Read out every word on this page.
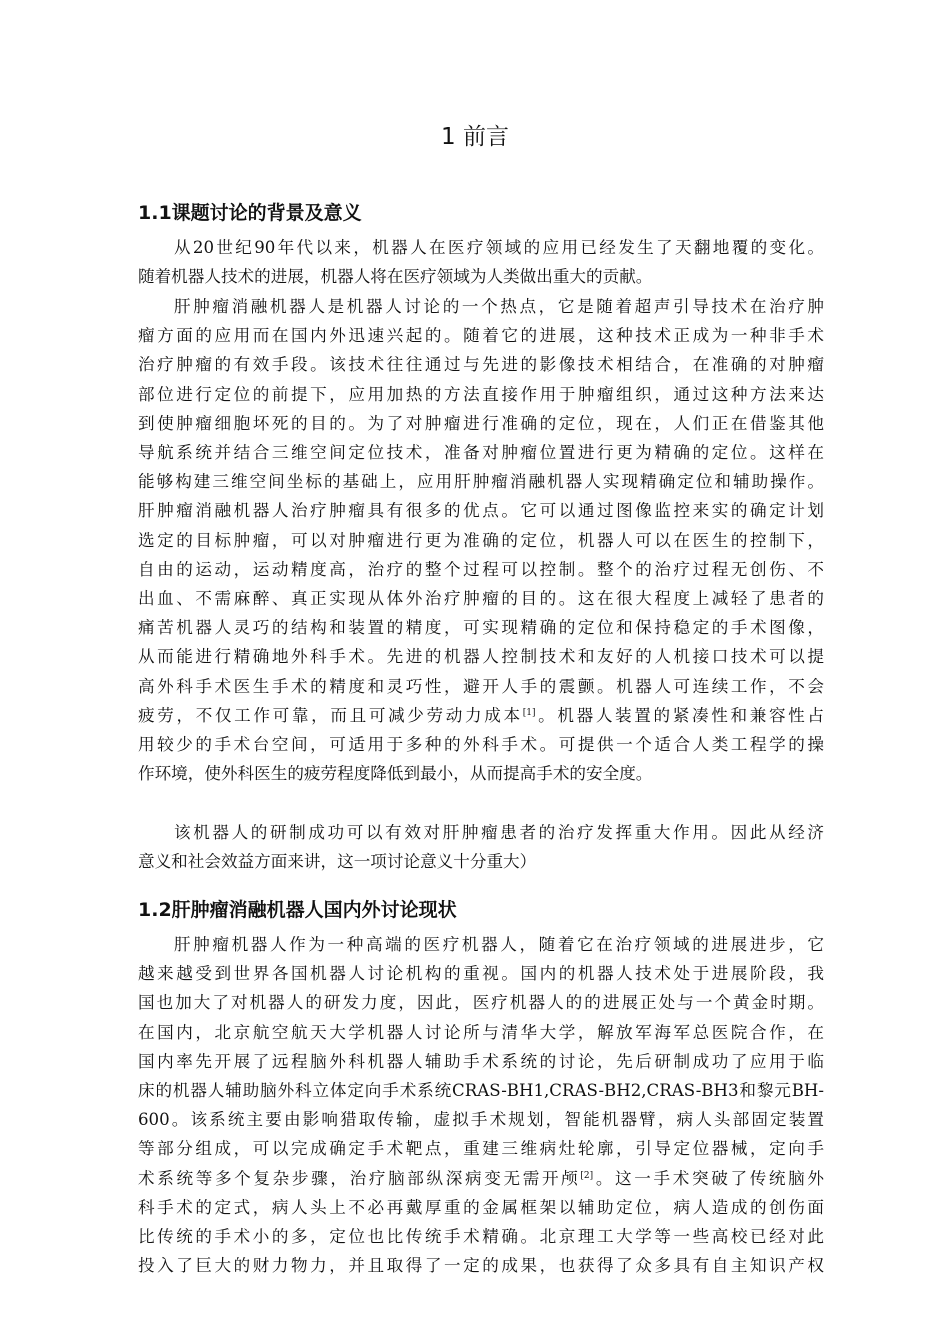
1 前言
1.1课题讨论的背景及意义

从20世纪90年代以来，机器人在医疗领域的应用已经发生了天翻地覆的变化。
随着机器人技术的进展，机器人将在医疗领域为人类做出重大的贡献。

肝肿瘤消融机器人是机器人讨论的一个热点，它是随着超声引导技术在治疗肿
瘤方面的应用而在国内外迅速兴起的。随着它的进展，这种技术正成为一种非手术
治疗肿瘤的有效手段。该技术往往通过与先进的影像技术相结合，在准确的对肿瘤
部位进行定位的前提下，应用加热的方法直接作用于肿瘤组织，通过这种方法来达
到使肿瘤细胞坏死的目的。为了对肿瘤进行准确的定位，现在，人们正在借鉴其他
导航系统并结合三维空间定位技术，准备对肿瘤位置进行更为精确的定位。这样在
能够构建三维空间坐标的基础上，应用肝肿瘤消融机器人实现精确定位和辅助操作。
肝肿瘤消融机器人治疗肿瘤具有很多的优点。它可以通过图像监控来实的确定计划
选定的目标肿瘤，可以对肿瘤进行更为准确的定位，机器人可以在医生的控制下，
自由的运动，运动精度高，治疗的整个过程可以控制。整个的治疗过程无创伤、不
出血、不需麻醉、真正实现从体外治疗肿瘤的目的。这在很大程度上减轻了患者的
痛苦机器人灵巧的结构和装置的精度，可实现精确的定位和保持稳定的手术图像，
从而能进行精确地外科手术。先进的机器人控制技术和友好的人机接口技术可以提
高外科手术医生手术的精度和灵巧性，避开人手的震颤。机器人可连续工作，不会
疲劳，不仅工作可靠，而且可减少劳动力成本[1]。机器人装置的紧凑性和兼容性占
用较少的手术台空间，可适用于多种的外科手术。可提供一个适合人类工程学的操
作环境，使外科医生的疲劳程度降低到最小，从而提高手术的安全度。

该机器人的研制成功可以有效对肝肿瘤患者的治疗发挥重大作用。因此从经济
意义和社会效益方面来讲，这一项讨论意义十分重大）

1.2肝肿瘤消融机器人国内外讨论现状

肝肿瘤机器人作为一种高端的医疗机器人，随着它在治疗领域的进展进步，它
越来越受到世界各国机器人讨论机构的重视。国内的机器人技术处于进展阶段，我
国也加大了对机器人的研发力度，因此，医疗机器人的的进展正处与一个黄金时期。
在国内，北京航空航天大学机器人讨论所与清华大学，解放军海军总医院合作，在
国内率先开展了远程脑外科机器人辅助手术系统的讨论，先后研制成功了应用于临
床的机器人辅助脑外科立体定向手术系统CRAS-BH1,CRAS-BH2,CRAS-BH3和黎元BH-
600。该系统主要由影响猎取传输，虚拟手术规划，智能机器臂，病人头部固定装置
等部分组成，可以完成确定手术靶点，重建三维病灶轮廓，引导定位器械，定向手
术系统等多个复杂步骤，治疗脑部纵深病变无需开颅[2]。这一手术突破了传统脑外
科手术的定式，病人头上不必再戴厚重的金属框架以辅助定位，病人造成的创伤面
比传统的手术小的多，定位也比传统手术精确。北京理工大学等一些高校已经对此
投入了巨大的财力物力，并且取得了一定的成果，也获得了众多具有自主知识产权
